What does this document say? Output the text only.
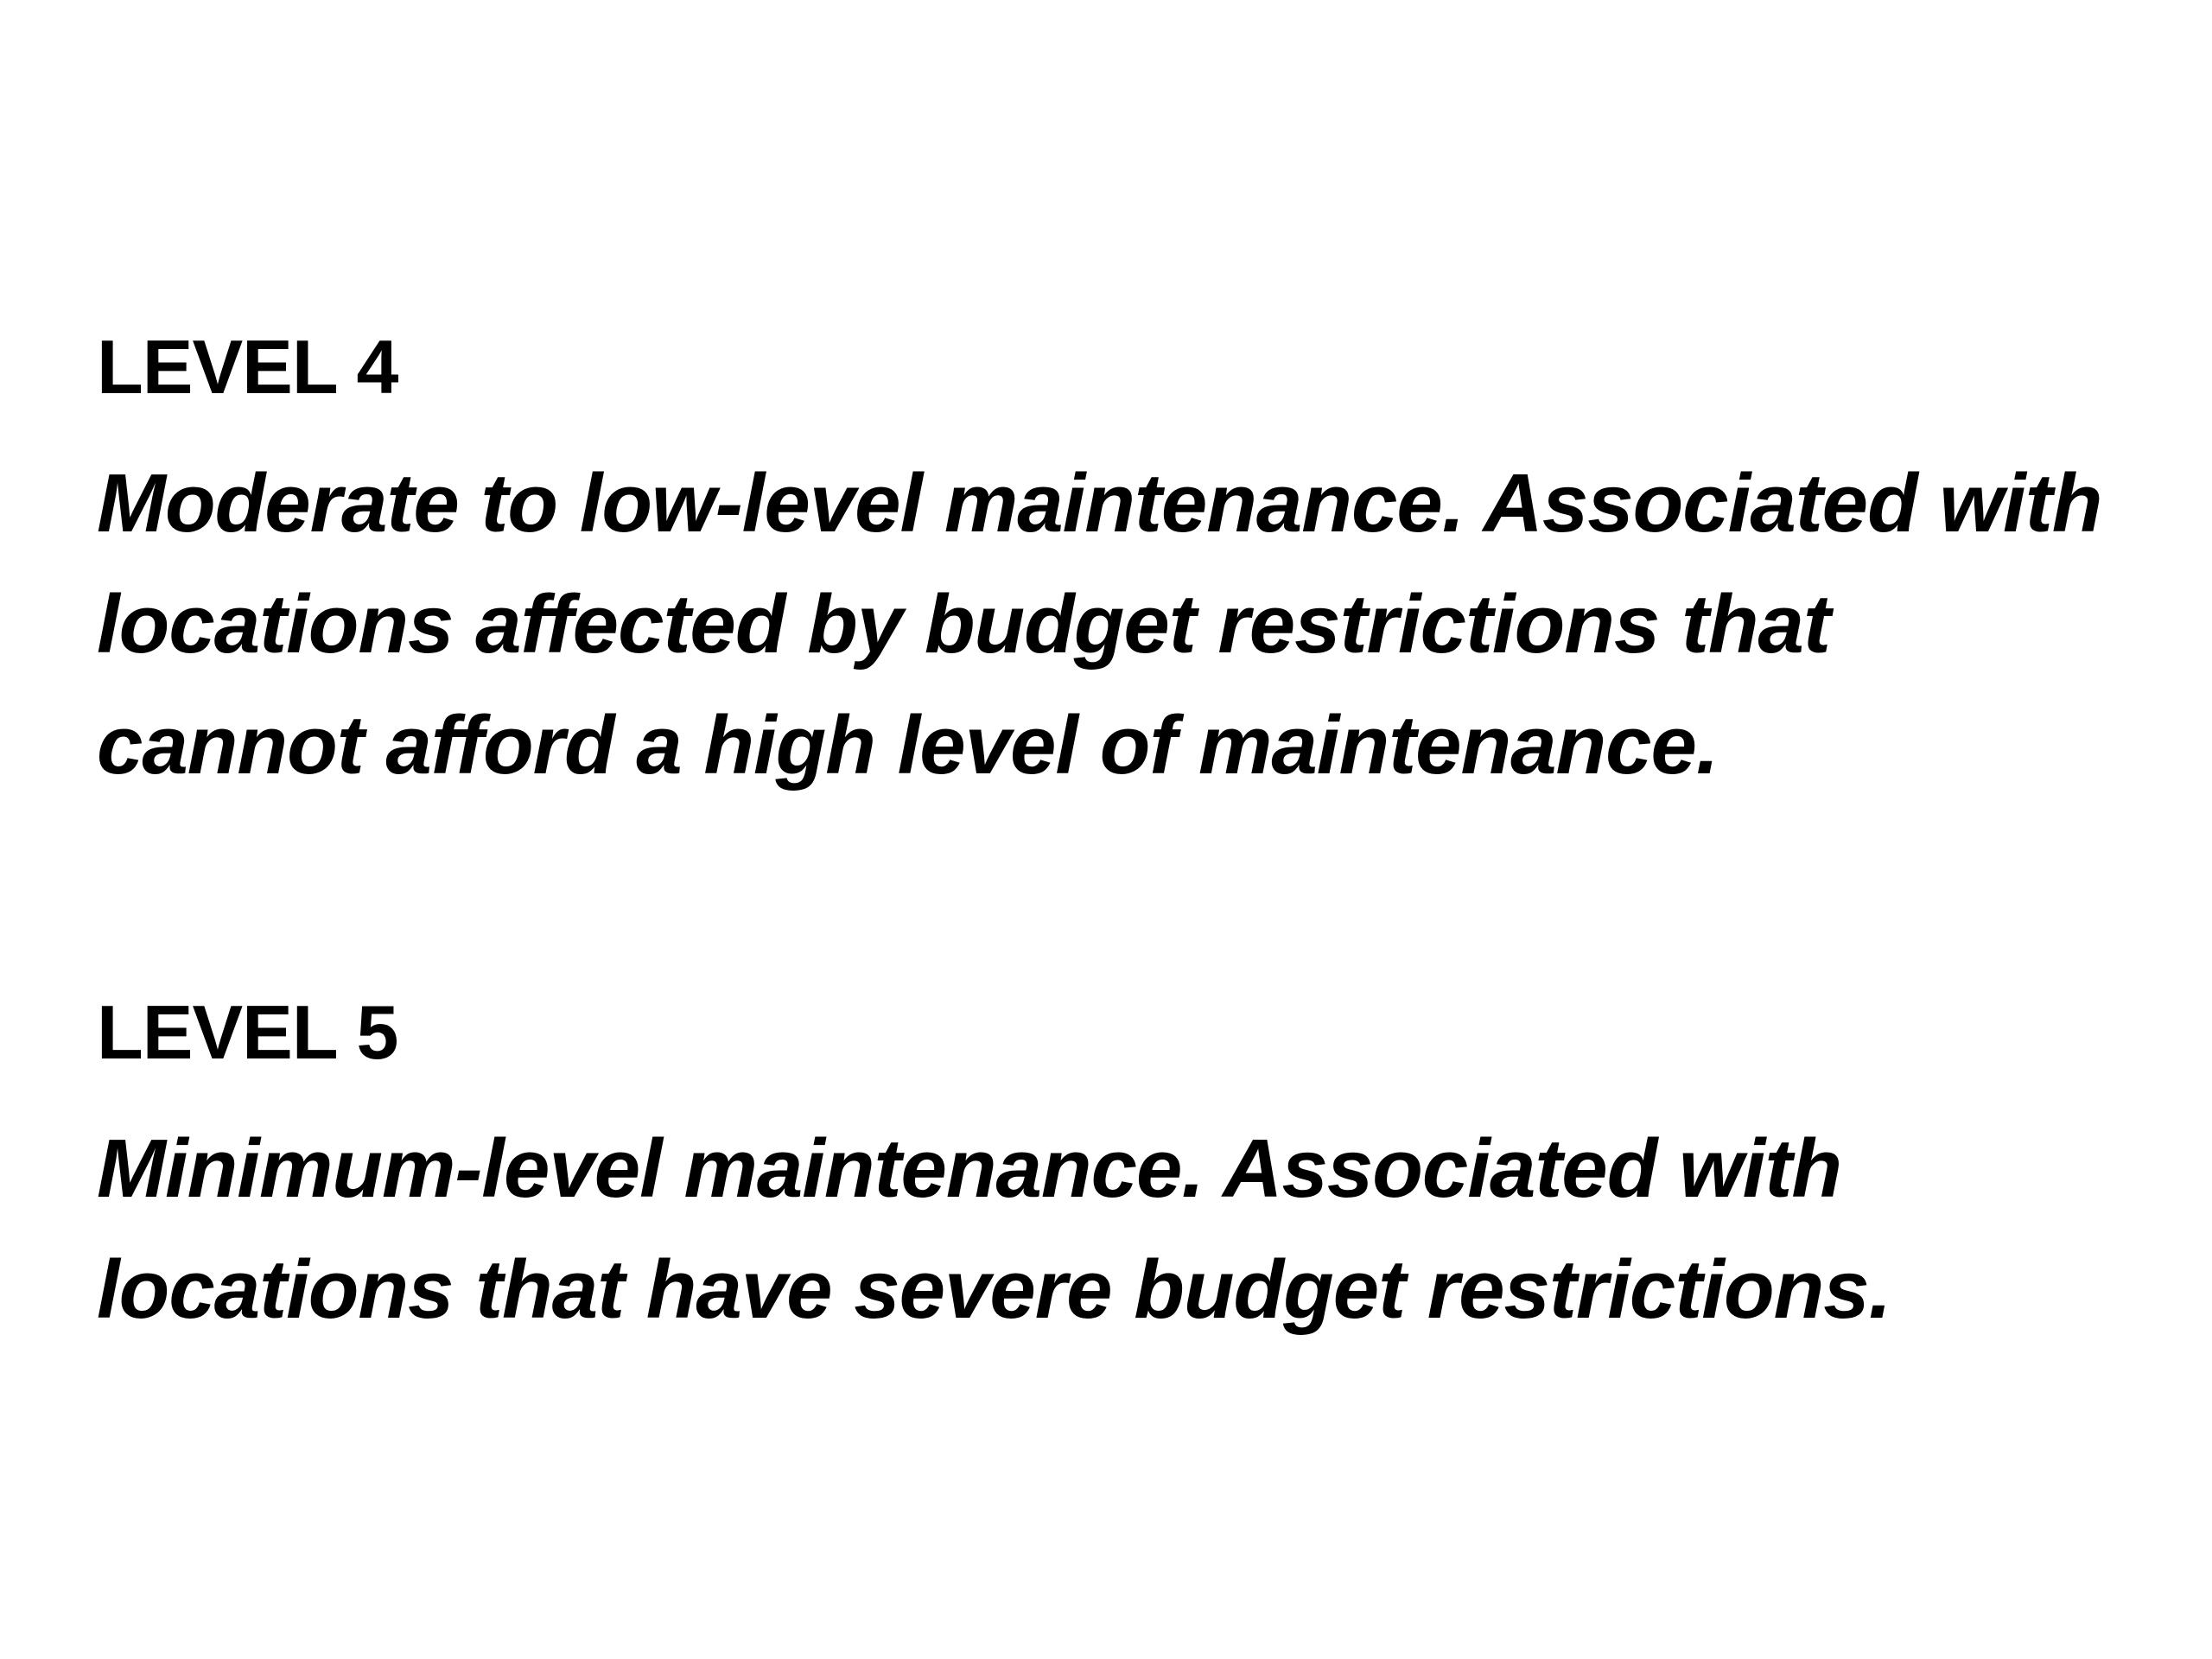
LEVEL 4

Moderate to low-level maintenance. Associated with locations affected by budget restrictions that cannot afford a high level of maintenance.

LEVEL 5

Minimum-level maintenance. Associated with locations that have severe budget restrictions.
